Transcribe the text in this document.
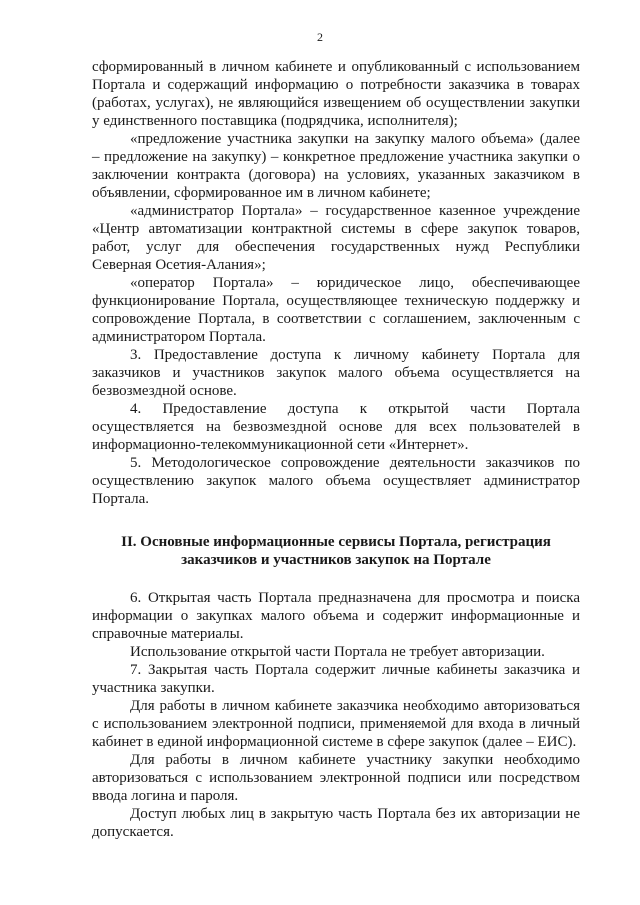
2
сформированный в личном кабинете и опубликованный с использованием
Портала и содержащий информацию о потребности заказчика в товарах
(работах, услугах), не являющийся извещением об осуществлении закупки
у единственного поставщика (подрядчика, исполнителя);
«предложение участника закупки на закупку малого объема» (далее
– предложение на закупку) – конкретное предложение участника закупки о
заключении контракта (договора) на условиях, указанных заказчиком в
объявлении, сформированное им в личном кабинете;
«администратор Портала» – государственное казенное учреждение
«Центр автоматизации контрактной системы в сфере закупок товаров,
работ, услуг для обеспечения государственных нужд Республики
Северная Осетия-Алания»;
«оператор Портала» – юридическое лицо, обеспечивающее
функционирование Портала, осуществляющее техническую поддержку и
сопровождение Портала, в соответствии с соглашением, заключенным с
администратором Портала.
3. Предоставление доступа к личному кабинету Портала для
заказчиков и участников закупок малого объема осуществляется на
безвозмездной основе.
4. Предоставление доступа к открытой части Портала
осуществляется на безвозмездной основе для всех пользователей в
информационно-телекоммуникационной сети «Интернет».
5. Методологическое сопровождение деятельности заказчиков по
осуществлению закупок малого объема осуществляет администратор
Портала.
II. Основные информационные сервисы Портала, регистрация
заказчиков и участников закупок на Портале
6. Открытая часть Портала предназначена для просмотра и поиска
информации о закупках малого объема и содержит информационные и
справочные материалы.
Использование открытой части Портала не требует авторизации.
7. Закрытая часть Портала содержит личные кабинеты заказчика и
участника закупки.
Для работы в личном кабинете заказчика необходимо авторизоваться
с использованием электронной подписи, применяемой для входа в личный
кабинет в единой информационной системе в сфере закупок (далее – ЕИС).
Для работы в личном кабинете участнику закупки необходимо
авторизоваться с использованием электронной подписи или посредством
ввода логина и пароля.
Доступ любых лиц в закрытую часть Портала без их авторизации не
допускается.
